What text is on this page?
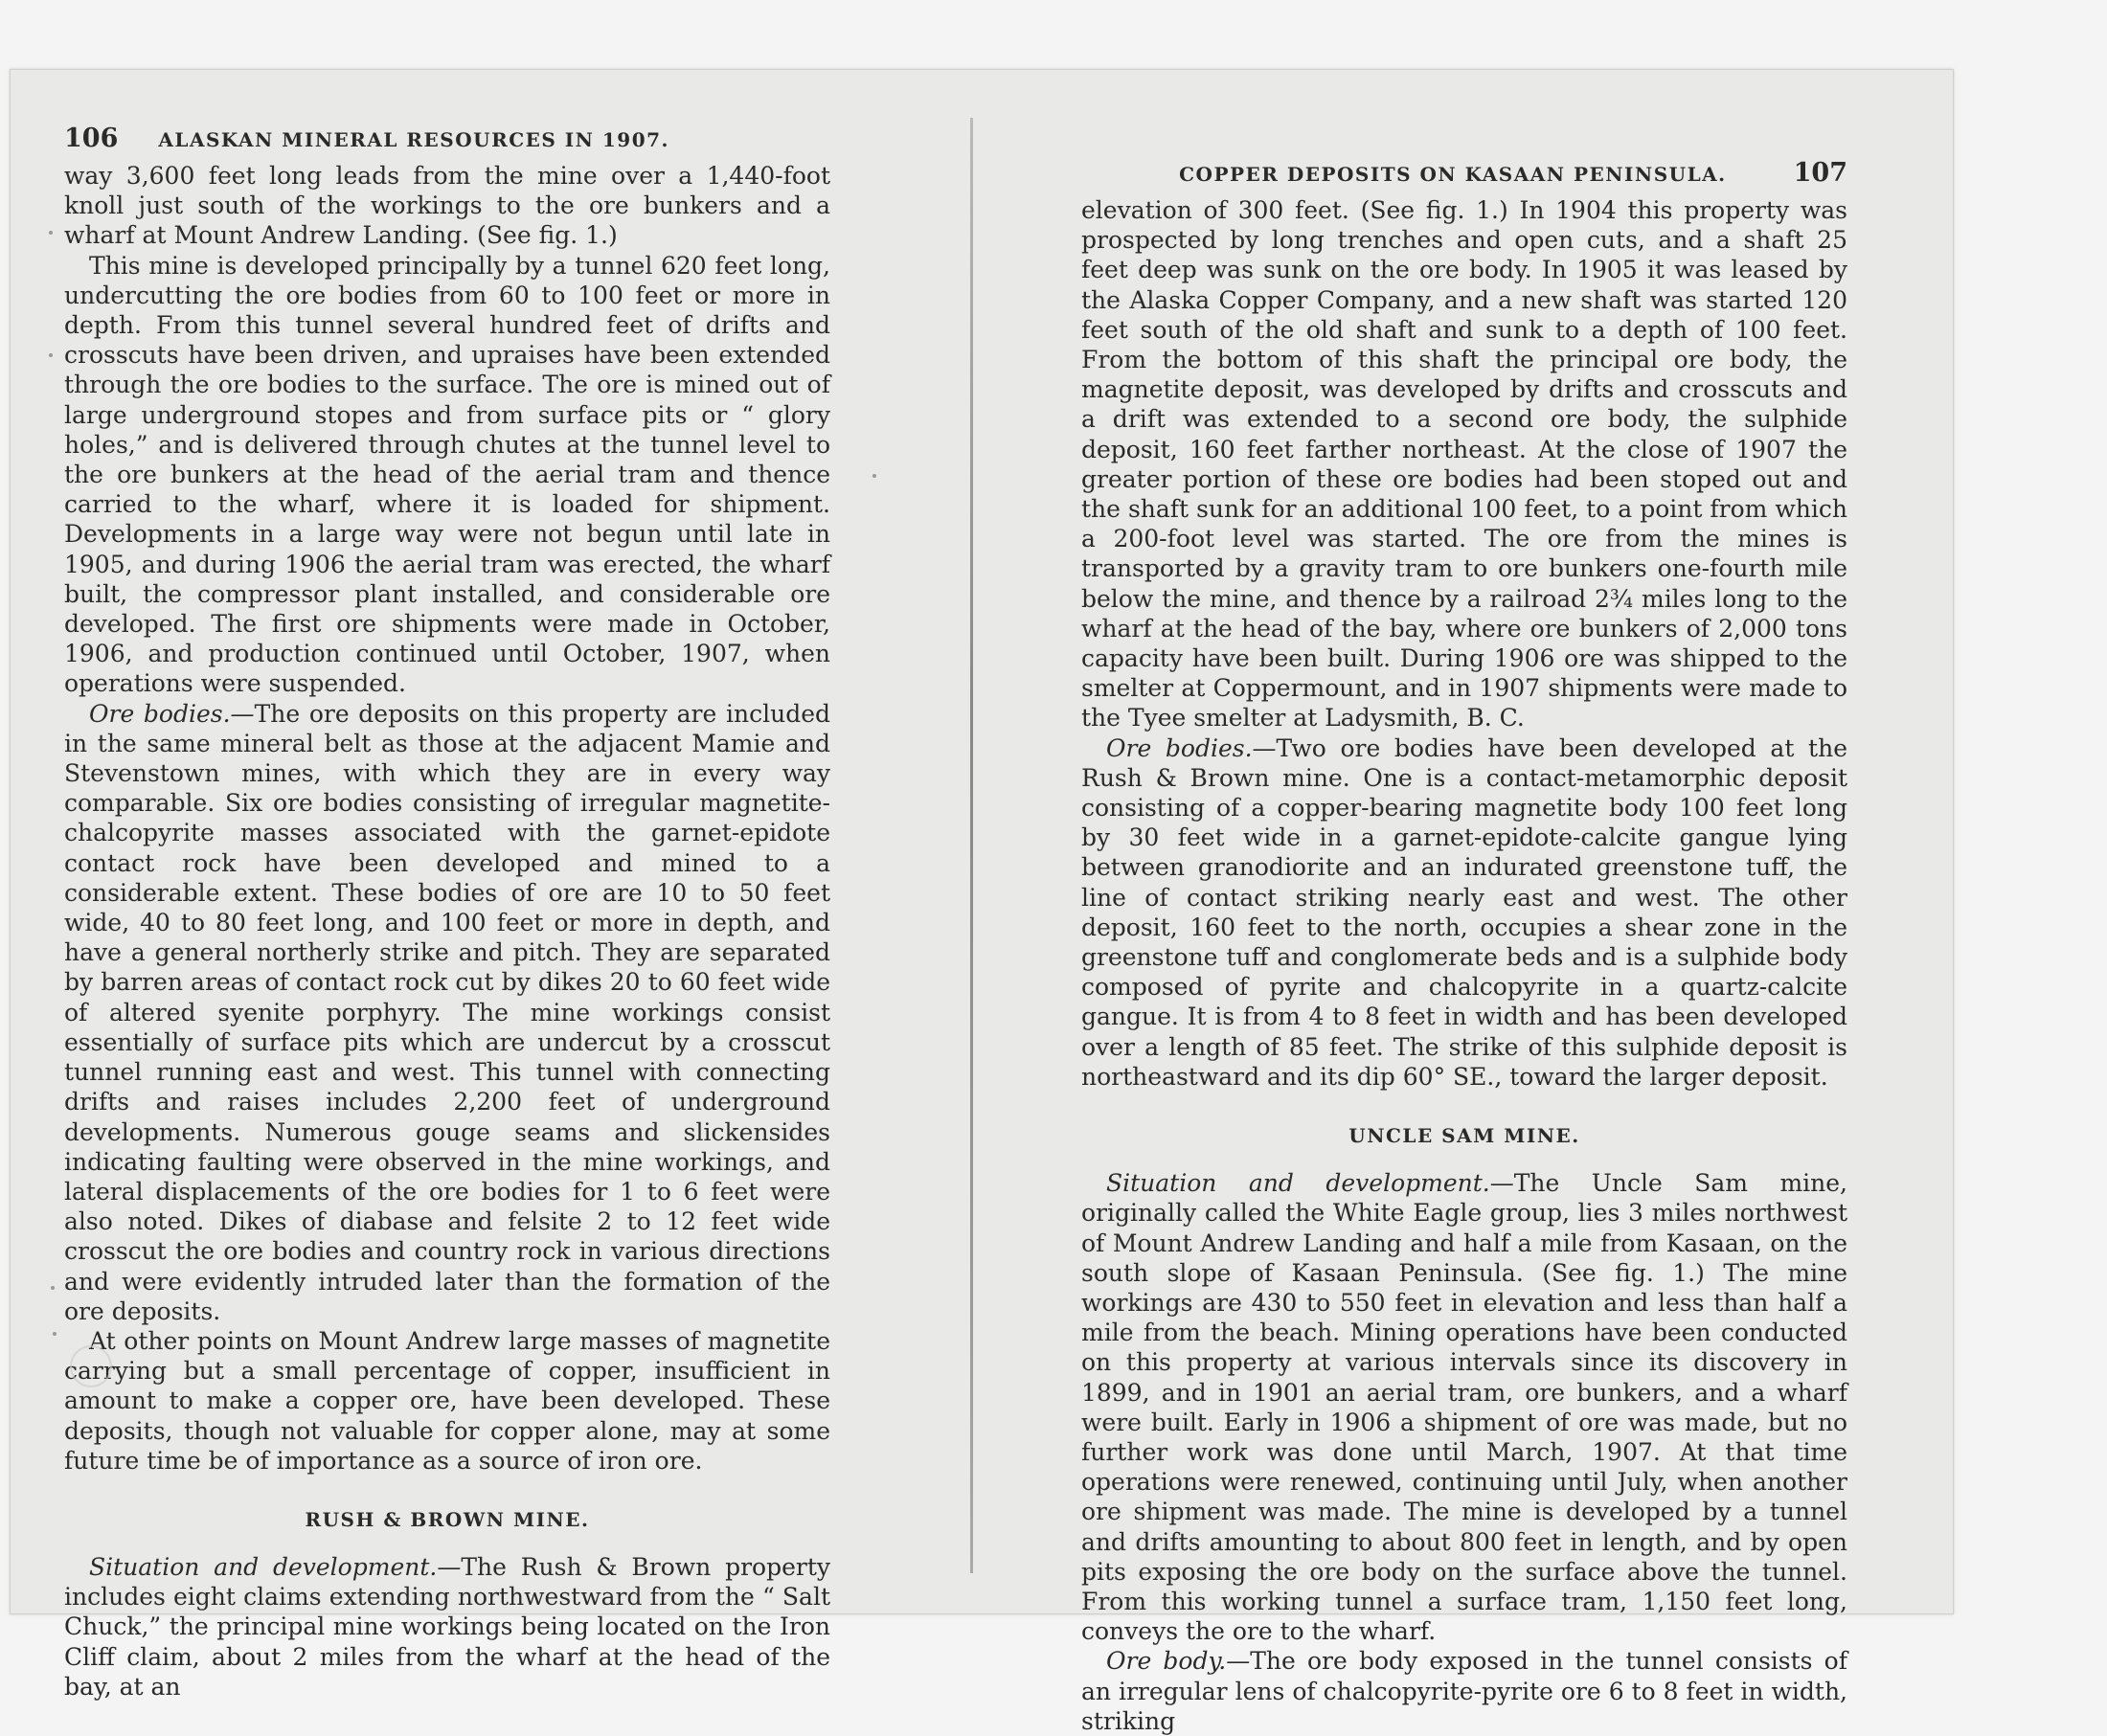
106 ALASKAN MINERAL RESOURCES IN 1907.

way 3,600 feet long leads from the mine over a 1,440-foot knoll just south of the workings to the ore bunkers and a wharf at Mount Andrew Landing. (See fig. 1.)

This mine is developed principally by a tunnel 620 feet long, undercutting the ore bodies from 60 to 100 feet or more in depth. From this tunnel several hundred feet of drifts and crosscuts have been driven, and upraises have been extended through the ore bodies to the surface. The ore is mined out of large underground stopes and from surface pits or “ glory holes,” and is delivered through chutes at the tunnel level to the ore bunkers at the head of the aerial tram and thence carried to the wharf, where it is loaded for shipment. Developments in a large way were not begun until late in 1905, and during 1906 the aerial tram was erected, the wharf built, the compressor plant installed, and considerable ore developed. The first ore shipments were made in October, 1906, and production continued until October, 1907, when operations were suspended.

Ore bodies.—The ore deposits on this property are included in the same mineral belt as those at the adjacent Mamie and Stevenstown mines, with which they are in every way comparable. Six ore bodies consisting of irregular magnetite-chalcopyrite masses associated with the garnet-epidote contact rock have been developed and mined to a considerable extent. These bodies of ore are 10 to 50 feet wide, 40 to 80 feet long, and 100 feet or more in depth, and have a general northerly strike and pitch. They are separated by barren areas of contact rock cut by dikes 20 to 60 feet wide of altered syenite porphyry. The mine workings consist essentially of surface pits which are undercut by a crosscut tunnel running east and west. This tunnel with connecting drifts and raises includes 2,200 feet of underground developments. Numerous gouge seams and slickensides indicating faulting were observed in the mine workings, and lateral displacements of the ore bodies for 1 to 6 feet were also noted. Dikes of diabase and felsite 2 to 12 feet wide crosscut the ore bodies and country rock in various directions and were evidently intruded later than the formation of the ore deposits.

At other points on Mount Andrew large masses of magnetite carrying but a small percentage of copper, insufficient in amount to make a copper ore, have been developed. These deposits, though not valuable for copper alone, may at some future time be of importance as a source of iron ore.

RUSH & BROWN MINE.

Situation and development.—The Rush & Brown property includes eight claims extending northwestward from the “ Salt Chuck,” the principal mine workings being located on the Iron Cliff claim, about 2 miles from the wharf at the head of the bay, at an

COPPER DEPOSITS ON KASAAN PENINSULA.	107

elevation of 300 feet. (See fig. 1.) In 1904 this property was prospected by long trenches and open cuts, and a shaft 25 feet deep was sunk on the ore body. In 1905 it was leased by the Alaska Copper Company, and a new shaft was started 120 feet south of the old shaft and sunk to a depth of 100 feet. From the bottom of this shaft the principal ore body, the magnetite deposit, was developed by drifts and crosscuts and a drift was extended to a second ore body, the sulphide deposit, 160 feet farther northeast. At the close of 1907 the greater portion of these ore bodies had been stoped out and the shaft sunk for an additional 100 feet, to a point from which a 200-foot level was started. The ore from the mines is transported by a gravity tram to ore bunkers one-fourth mile below the mine, and thence by a railroad 2¾ miles long to the wharf at the head of the bay, where ore bunkers of 2,000 tons capacity have been built. During 1906 ore was shipped to the smelter at Coppermount, and in 1907 shipments were made to the Tyee smelter at Ladysmith, B. C.

Ore bodies.—Two ore bodies have been developed at the Rush & Brown mine. One is a contact-metamorphic deposit consisting of a copper-bearing magnetite body 100 feet long by 30 feet wide in a garnet-epidote-calcite gangue lying between granodiorite and an indurated greenstone tuff, the line of contact striking nearly east and west. The other deposit, 160 feet to the north, occupies a shear zone in the greenstone tuff and conglomerate beds and is a sulphide body composed of pyrite and chalcopyrite in a quartz-calcite gangue. It is from 4 to 8 feet in width and has been developed over a length of 85 feet. The strike of this sulphide deposit is northeastward and its dip 60° SE., toward the larger deposit.

UNCLE SAM MINE.

Situation and development.—The Uncle Sam mine, originally called the White Eagle group, lies 3 miles northwest of Mount Andrew Landing and half a mile from Kasaan, on the south slope of Kasaan Peninsula. (See fig. 1.) The mine workings are 430 to 550 feet in elevation and less than half a mile from the beach. Mining operations have been conducted on this property at various intervals since its discovery in 1899, and in 1901 an aerial tram, ore bunkers, and a wharf were built. Early in 1906 a shipment of ore was made, but no further work was done until March, 1907. At that time operations were renewed, continuing until July, when another ore shipment was made. The mine is developed by a tunnel and drifts amounting to about 800 feet in length, and by open pits exposing the ore body on the surface above the tunnel. From this working tunnel a surface tram, 1,150 feet long, conveys the ore to the wharf.

Ore body.—The ore body exposed in the tunnel consists of an irregular lens of chalcopyrite-pyrite ore 6 to 8 feet in width, striking
